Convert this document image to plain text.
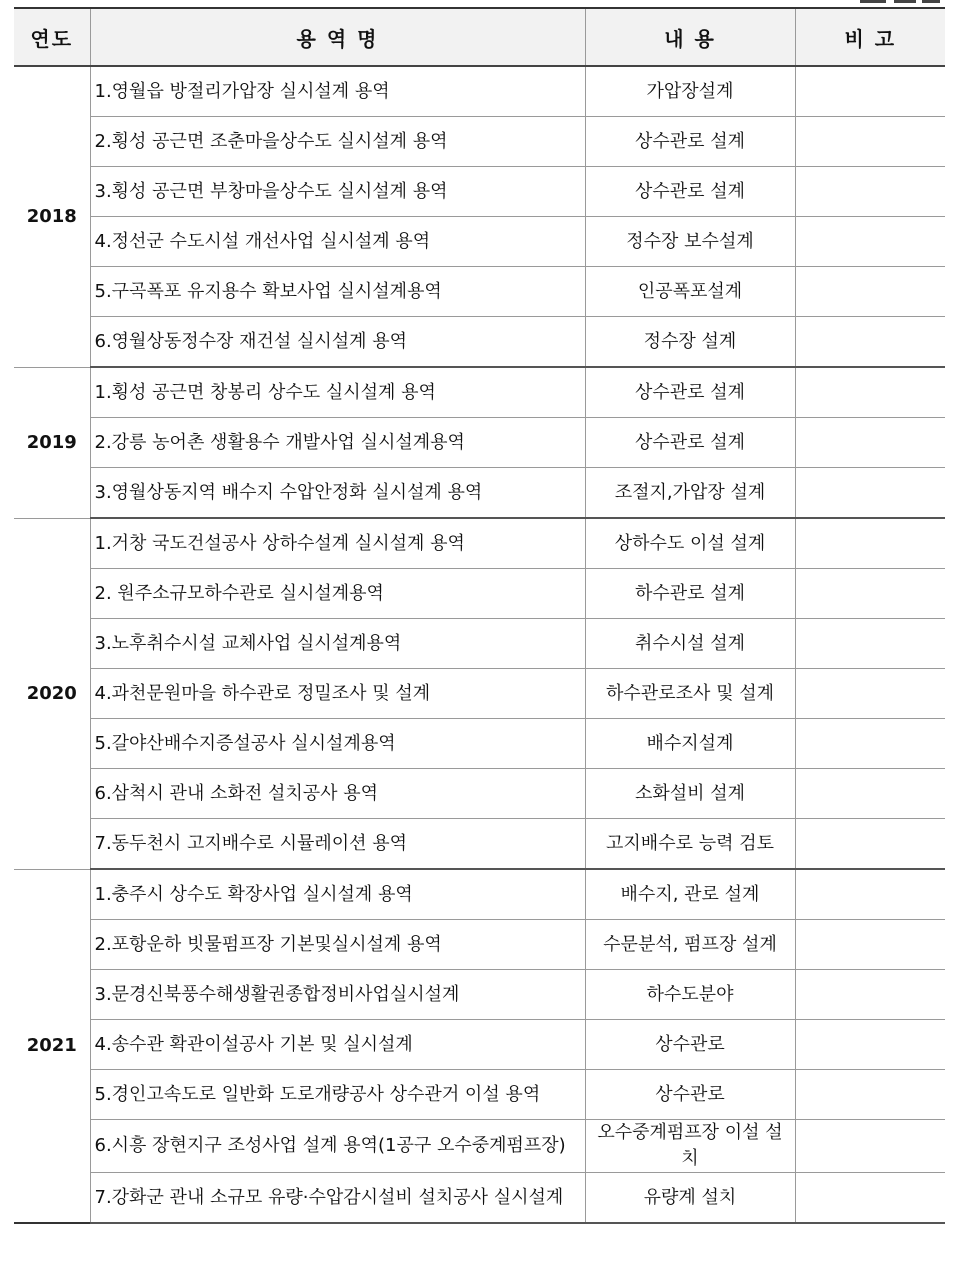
연도	용 역 명	내 용	비 고
2018	1.영월읍 방절리가압장 실시설계 용역	가압장설계	
	2.횡성 공근면 조춘마을상수도 실시설계 용역	상수관로 설계	
	3.횡성 공근면 부창마을상수도 실시설계 용역	상수관로 설계	
	4.정선군 수도시설 개선사업 실시설계 용역	정수장 보수설계	
	5.구곡폭포 유지용수 확보사업 실시설계용역	인공폭포설계	
	6.영월상동정수장 재건설 실시설계 용역	정수장 설계	
2019	1.횡성 공근면 창봉리 상수도 실시설계 용역	상수관로 설계	
	2.강릉 농어촌 생활용수 개발사업 실시설계용역	상수관로 설계	
	3.영월상동지역 배수지 수압안정화 실시설계 용역	조절지,가압장 설계	
2020	1.거창 국도건설공사 상하수설계 실시설계 용역	상하수도 이설 설계	
	2. 원주소규모하수관로 실시설계용역	하수관로 설계	
	3.노후취수시설 교체사업 실시설계용역	취수시설 설계	
	4.과천문원마을 하수관로 정밀조사 및 설계	하수관로조사 및 설계	
	5.갈야산배수지증설공사 실시설계용역	배수지설계	
	6.삼척시 관내 소화전 설치공사 용역	소화설비 설계	
	7.동두천시 고지배수로 시뮬레이션 용역	고지배수로 능력 검토	
2021	1.충주시 상수도 확장사업 실시설계 용역	배수지, 관로 설계	
	2.포항운하 빗물펌프장 기본및실시설계 용역	수문분석, 펌프장 설계	
	3.문경신북풍수해생활권종합정비사업실시설계	하수도분야	
	4.송수관 확관이설공사 기본 및 실시설계	상수관로	
	5.경인고속도로 일반화 도로개량공사 상수관거 이설 용역	상수관로	
	6.시흥 장현지구 조성사업 설계 용역(1공구 오수중계펌프장)	오수중계펌프장 이설 설치	
	7.강화군 관내 소규모 유량·수압감시설비 설치공사 실시설계	유량계 설치	
